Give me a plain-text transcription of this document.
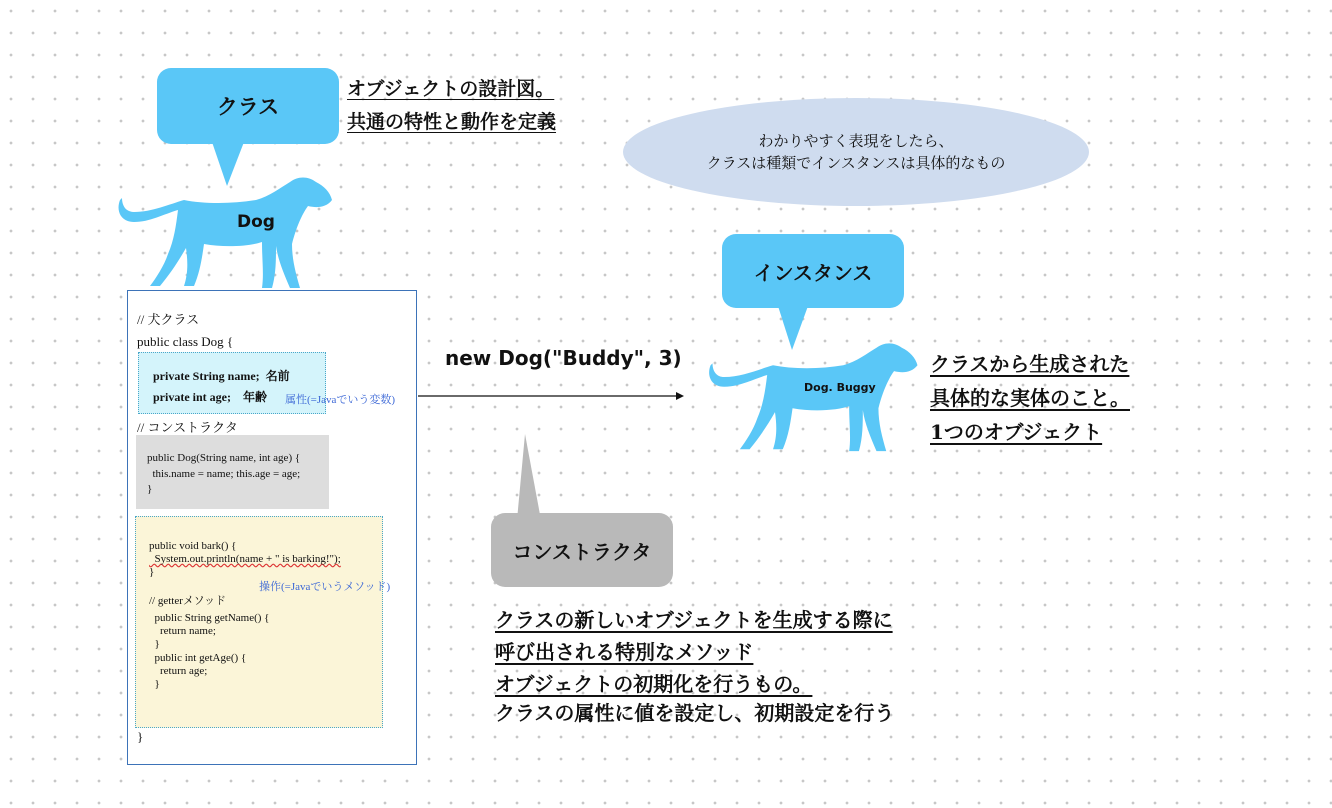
クラス
オブジェクトの設計図。
共通の特性と動作を定義
Dog
わかりやすく表現をしたら、
クラスは種類でインスタンスは具体的なもの
インスタンス
Dog. Buggy
クラスから生成された
具体的な実体のこと。
1つのオブジェクト
new Dog("Buddy", 3)
コンストラクタ
クラスの新しいオブジェクトを生成する際に
呼び出される特別なメソッド
オブジェクトの初期化を行うもの。
クラスの属性に値を設定し、初期設定を行う
// 犬クラス
public class Dog {
private String name;  名前
private int age;    年齢 属性(=Javaでいう変数)
// コンストラクタ
public Dog(String name, int age) {
this.name = name; this.age = age;
}
public void bark() {
System.out.println(name + " is barking!");
}
操作(=Javaでいうメソッド)
// getterメソッド
public String getName() {
return name;
}
public int getAge() {
return age;
}
}
